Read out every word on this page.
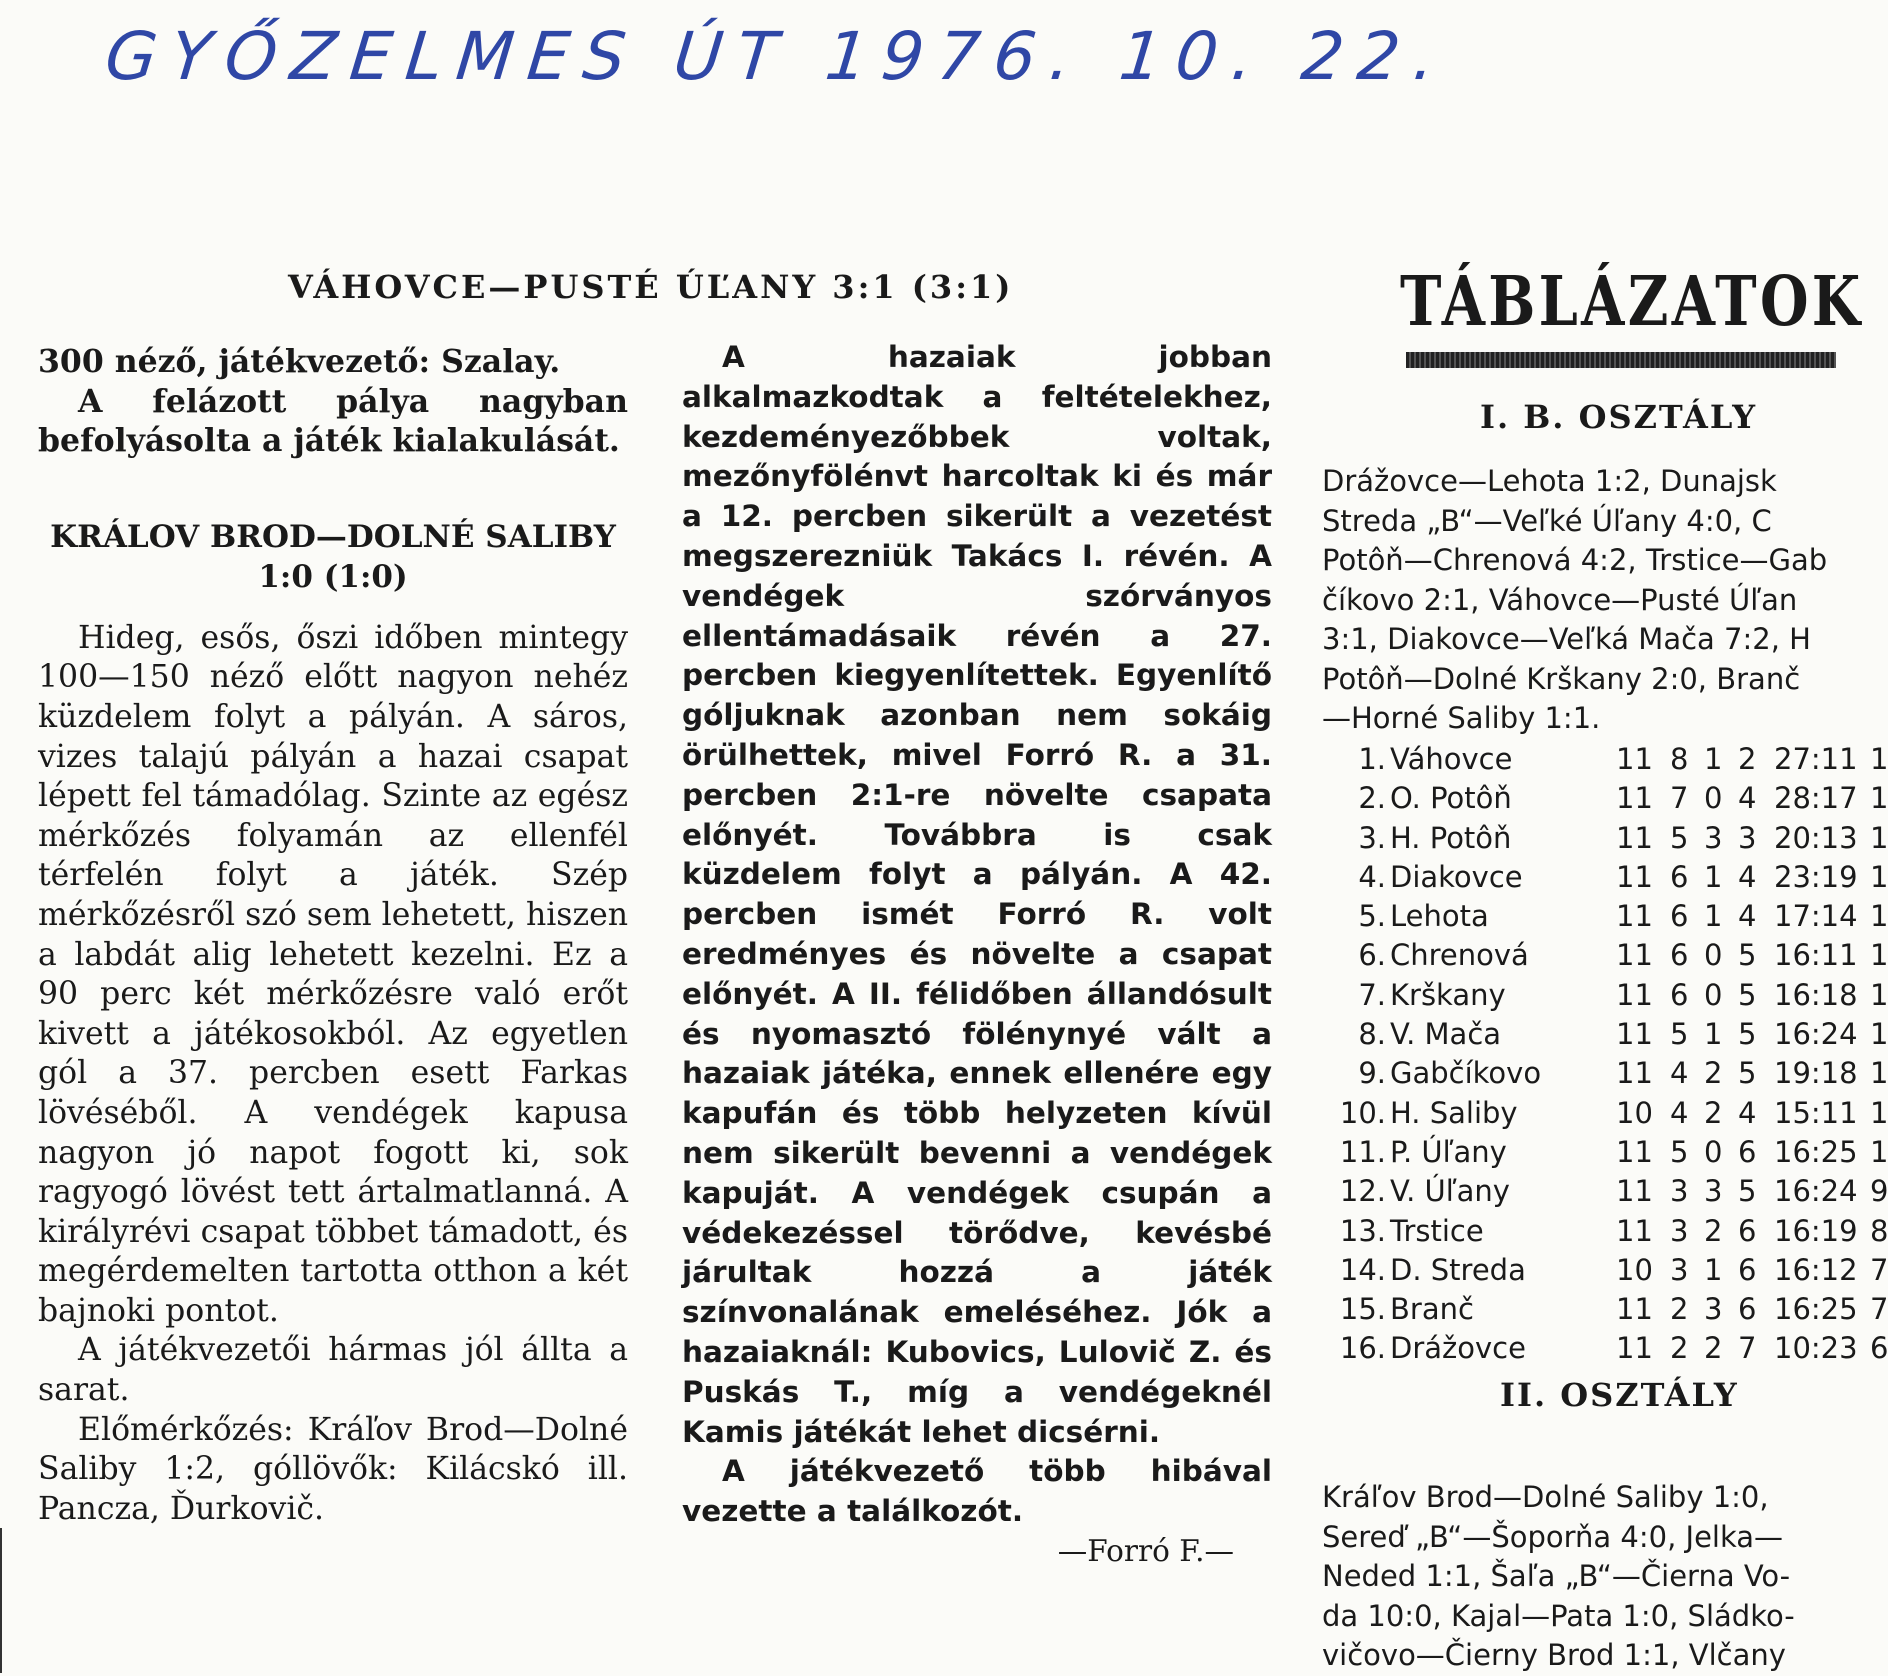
GYŐZELMES ÚT 1976. 10. 22.
VÁHOVCE—PUSTÉ ÚĽANY 3:1 (3:1)

300 néző, játékvezető: Szalay.

A felázott pálya nagyban befolyásolta a játék kialakulását.

KRÁLOV BROD—DOLNÉ SALIBY 1:0 (1:0)

Hideg, esős, őszi időben mintegy 100—150 néző előtt nagyon nehéz küzdelem folyt a pályán. A sáros, vizes talajú pályán a hazai csapat lépett fel támadólag. Szinte az egész mérkőzés folyamán az ellenfél térfelén folyt a játék. Szép mérkőzésről szó sem lehetett, hiszen a labdát alig lehetett kezelni. Ez a 90 perc két mérkőzésre való erőt kivett a játékosokból. Az egyetlen gól a 37. percben esett Farkas lövéséből. A vendégek kapusa nagyon jó napot fogott ki, sok ragyogó lövést tett ártalmatlanná. A királyrévi csapat többet támadott, és megérdemelten tartotta otthon a két bajnoki pontot.

A játékvezetői hármas jól állta a sarat.

Előmérkőzés: Kráľov Brod—Dolné Saliby 1:2, góllövők: Kilácskó ill. Pancza, Ďurkovič.

A hazaiak jobban alkalmazkodtak a feltételekhez, kezdeményezőbbek voltak, mezőnyfölénvt harcoltak ki és már a 12. percben sikerült a vezetést megszerezniük Takács I. révén. A vendégek szórványos ellentámadásaik révén a 27. percben kiegyenlítettek. Egyenlítő góljuknak azonban nem sokáig örülhettek, mivel Forró R. a 31. percben 2:1-re növelte csapata előnyét. Továbbra is csak küzdelem folyt a pályán. A 42. percben ismét Forró R. volt eredményes és növelte a csapat előnyét. A II. félidőben állandósult és nyomasztó fölénynyé vált a hazaiak játéka, ennek ellenére egy kapufán és több helyzeten kívül nem sikerült bevenni a vendégek kapuját. A vendégek csupán a védekezéssel törődve, kevésbé járultak hozzá a játék színvonalának emeléséhez. Jók a hazaiaknál: Kubovics, Lulovič Z. és Puskás T., míg a vendégeknél Kamis játékát lehet dicsérni.

A játékvezető több hibával vezette a találkozót.

—Forró F.—

TÁBLÁZATOK
I. B. OSZTÁLY
Drážovce—Lehota 1:2, Dunajsk
Streda „B“—Veľké Úľany 4:0, C
Potôň—Chrenová 4:2, Trstice—Gab
číkovo 2:1, Váhovce—Pusté Úľan
3:1, Diakovce—Veľká Mača 7:2, H
Potôň—Dolné Krškany 2:0, Branč
—Horné Saliby 1:1.
1. Váhovce	11 8 1 2 27:11 1
2. O. Potôň	11 7 0 4 28:17 1
3. H. Potôň	11 5 3 3 20:13 1
4. Diakovce	11 6 1 4 23:19 1
5. Lehota	11 6 1 4 17:14 1
6. Chrenová	11 6 0 5 16:11 1
7. Krškany	11 6 0 5 16:18 1
8. V. Mača	11 5 1 5 16:24 1
9. Gabčíkovo	11 4 2 5 19:18 1
10. H. Saliby	10 4 2 4 15:11 1
11. P. Úľany	11 5 0 6 16:25 1
12. V. Úľany	11 3 3 5 16:24 9
13. Trstice	11 3 2 6 16:19 8
14. D. Streda	10 3 1 6 16:12 7
15. Branč	11 2 3 6 16:25 7
16. Drážovce	11 2 2 7 10:23 6
II. OSZTÁLY
Kráľov Brod—Dolné Saliby 1:0,
Sereď „B“—Šoporňa 4:0, Jelka—
Neded 1:1, Šaľa „B“—Čierna Vo-
da 10:0, Kajal—Pata 1:0, Sládko-
vičovo—Čierny Brod 1:1, Vlčany
